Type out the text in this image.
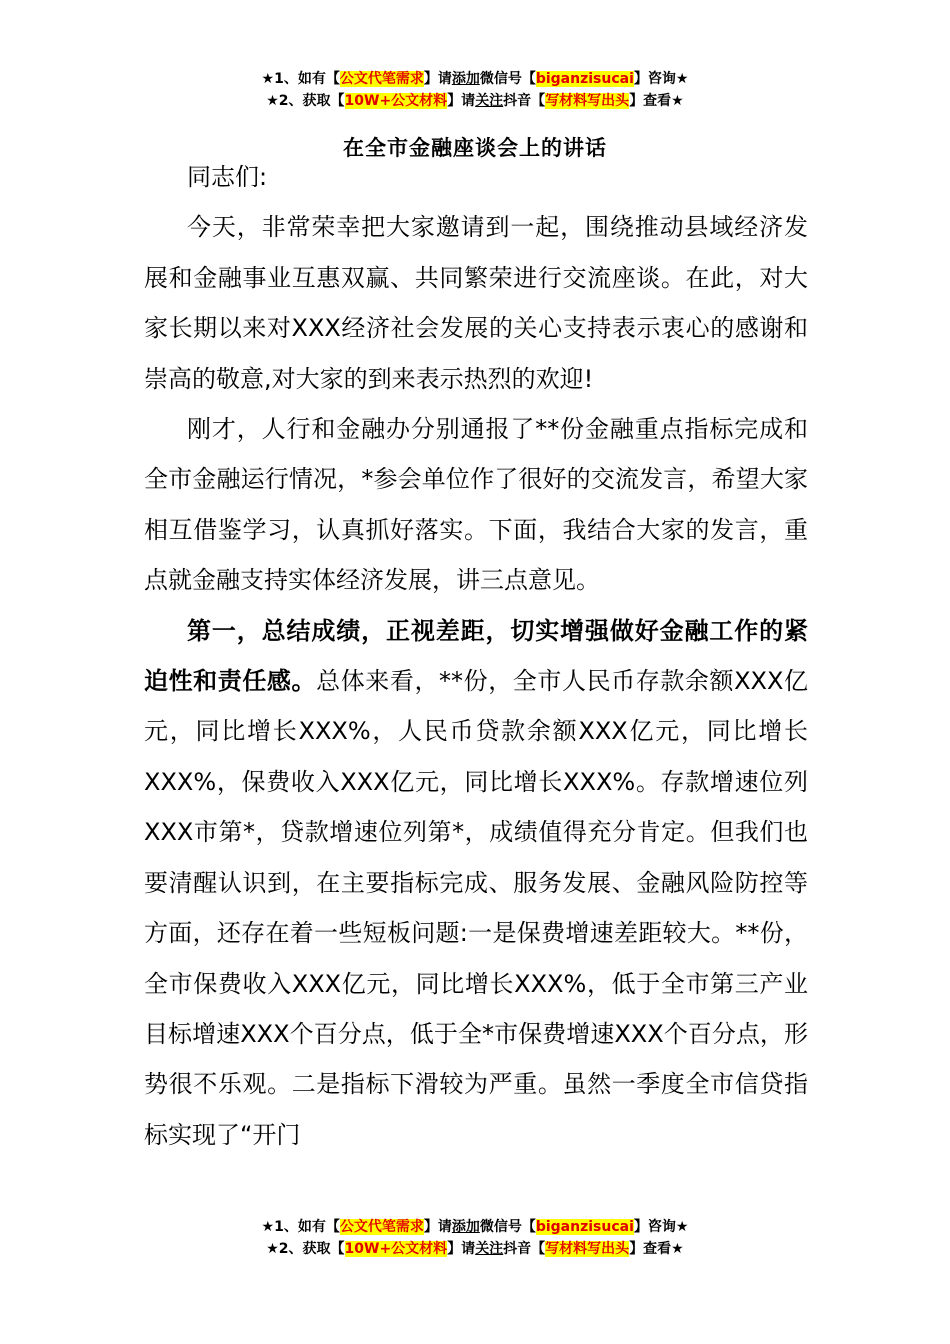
★1、如有【公文代笔需求】请添加微信号【biganzisucai】咨询★
★2、获取【10W+公文材料】请关注抖音【写材料写出头】查看★
在全市金融座谈会上的讲话

同志们:

今天，非常荣幸把大家邀请到一起，围绕推动县域经济发展和金融事业互惠双赢、共同繁荣进行交流座谈。在此，对大家长期以来对XXX经济社会发展的关心支持表示衷心的感谢和崇高的敬意,对大家的到来表示热烈的欢迎!

刚才，人行和金融办分别通报了**份金融重点指标完成和全市金融运行情况，*参会单位作了很好的交流发言，希望大家相互借鉴学习，认真抓好落实。下面，我结合大家的发言，重点就金融支持实体经济发展，讲三点意见。

第一，总结成绩，正视差距，切实增强做好金融工作的紧迫性和责任感。总体来看，**份，全市人民币存款余额XXX亿元，同比增长XXX%，人民币贷款余额XXX亿元，同比增长XXX%，保费收入XXX亿元，同比增长XXX%。存款增速位列XXX市第*，贷款增速位列第*，成绩值得充分肯定。但我们也要清醒认识到，在主要指标完成、服务发展、金融风险防控等方面，还存在着一些短板问题:一是保费增速差距较大。**份，全市保费收入XXX亿元，同比增长XXX%，低于全市第三产业目标增速XXX个百分点，低于全*市保费增速XXX个百分点，形势很不乐观。二是指标下滑较为严重。虽然一季度全市信贷指标实现了“开门

★1、如有【公文代笔需求】请添加微信号【biganzisucai】咨询★
★2、获取【10W+公文材料】请关注抖音【写材料写出头】查看★
